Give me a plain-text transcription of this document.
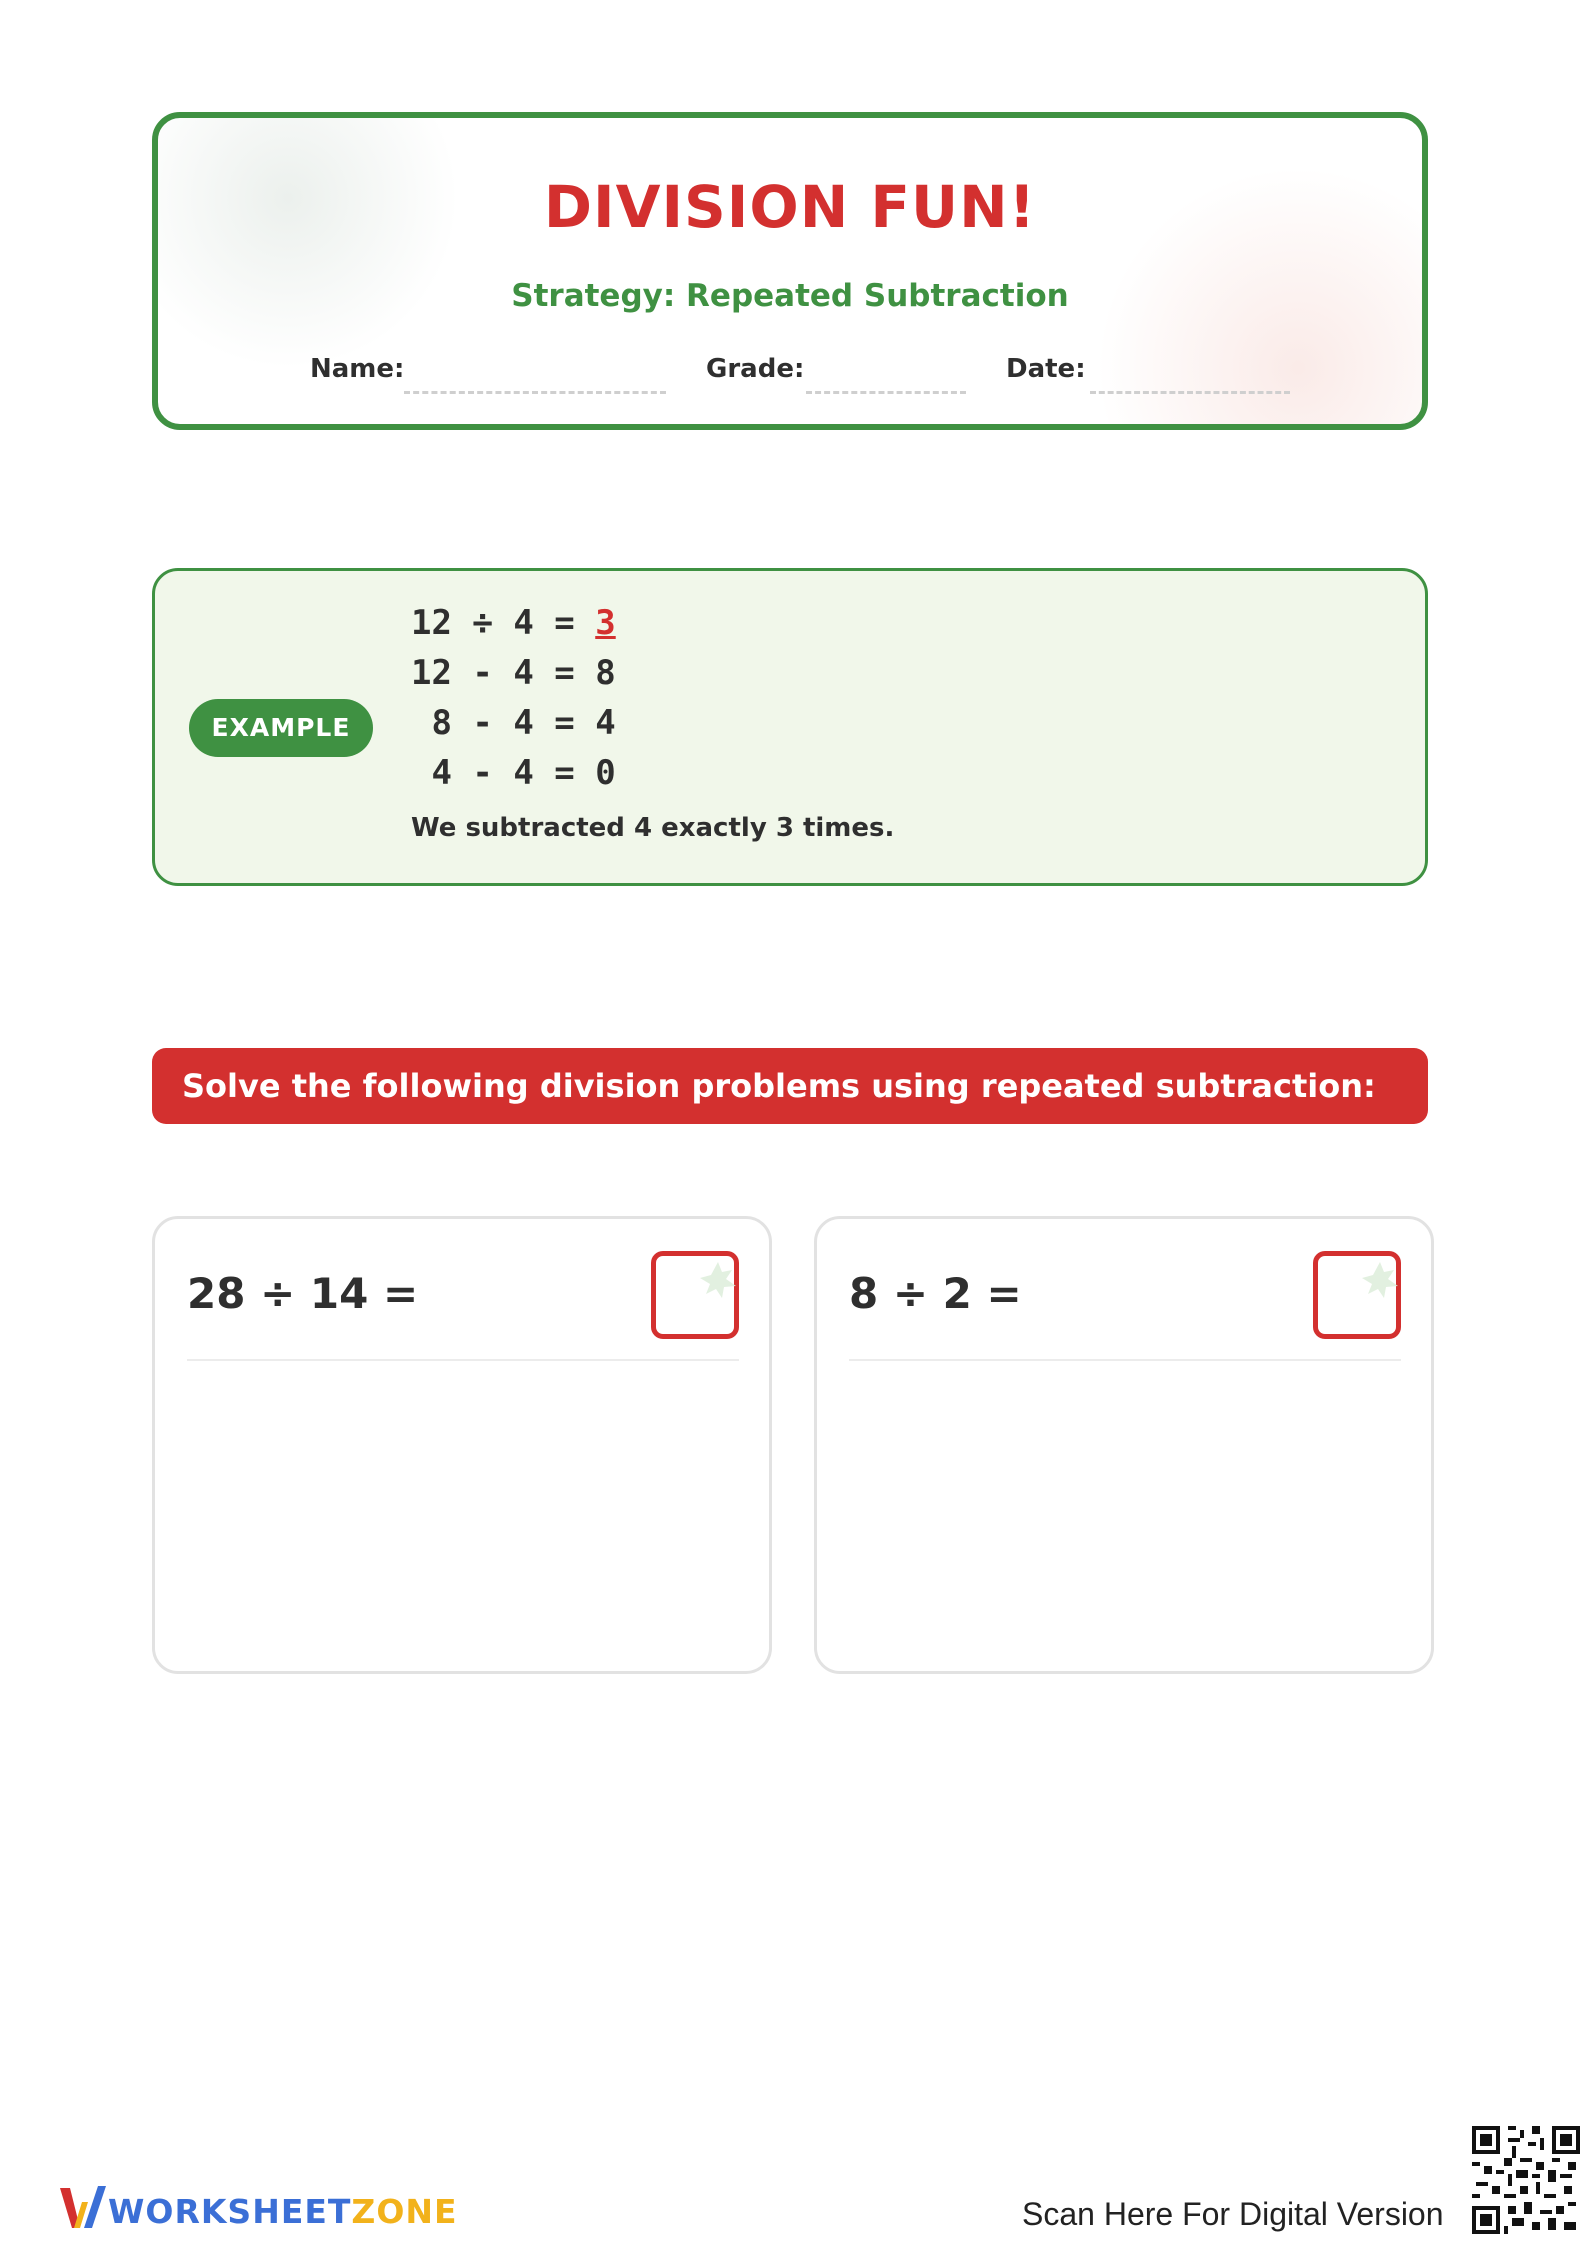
DIVISION FUN!
Strategy: Repeated Subtraction
Name:	Grade:	Date:
EXAMPLE
12 ÷ 4 = 3
12 - 4 = 8
8 - 4 = 4
4 - 4 = 0
We subtracted 4 exactly 3 times.
Solve the following division problems using repeated subtraction:
28 ÷ 14 =	8 ÷ 2 =
WORKSHEETZONE	Scan Here For Digital Version
